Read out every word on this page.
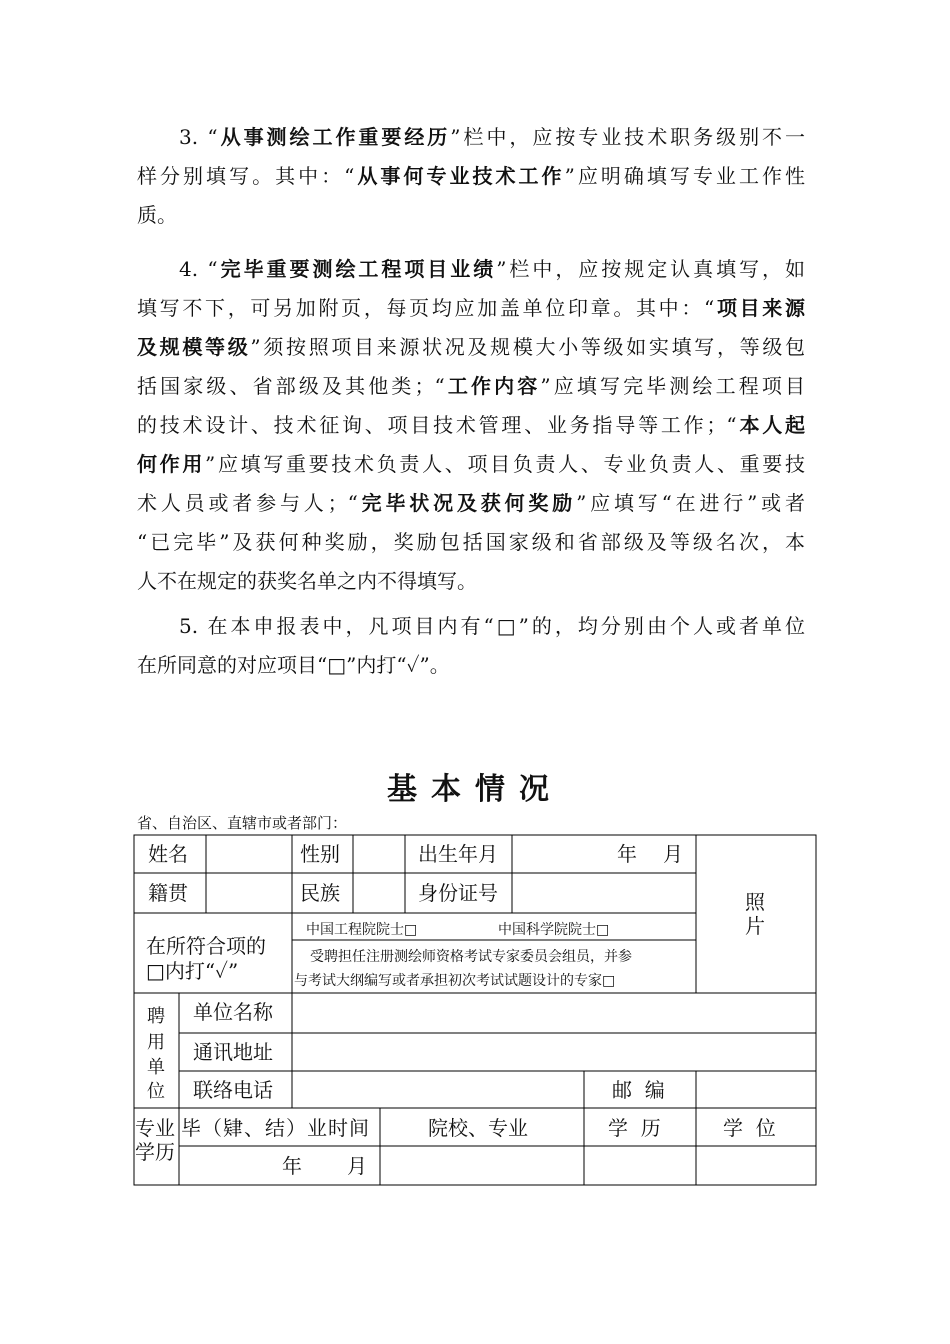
3. “从事测绘工作重要经历”栏中，应按专业技术职务级别不一
样分别填写。其中：“从事何专业技术工作”应明确填写专业工作性
质。
4. “完毕重要测绘工程项目业绩”栏中，应按规定认真填写，如
填写不下，可另加附页，每页均应加盖单位印章。其中：“项目来源
及规模等级”须按照项目来源状况及规模大小等级如实填写，等级包
括国家级、省部级及其他类；“工作内容”应填写完毕测绘工程项目
的技术设计、技术征询、项目技术管理、业务指导等工作；“本人起
何作用”应填写重要技术负责人、项目负责人、专业负责人、重要技
术人员或者参与人；“完毕状况及获何奖励”应填写“在进行”或者
“已完毕”及获何种奖励，奖励包括国家级和省部级及等级名次，本
人不在规定的获奖名单之内不得填写。
5. 在本申报表中，凡项目内有“□”的，均分别由个人或者单位
在所同意的对应项目“□”内打“✓”。
基本情况
省、自治区、直辖市或者部门：
姓名	性别	出生年月	年 月
照
片
籍贯	民族	身份证号
在所符合项的
□内打“✓”
中国工程院院士□	中国科学院院士□
受聘担任注册测绘师资格考试专家委员会组员，并参
与考试大纲编写或者承担初次考试试题设计的专家□
聘
用
单
位
单位名称
通讯地址
联络电话	邮  编
专业
学历
毕（肄、结）业时间	院校、专业	学  历	学  位
年 月
